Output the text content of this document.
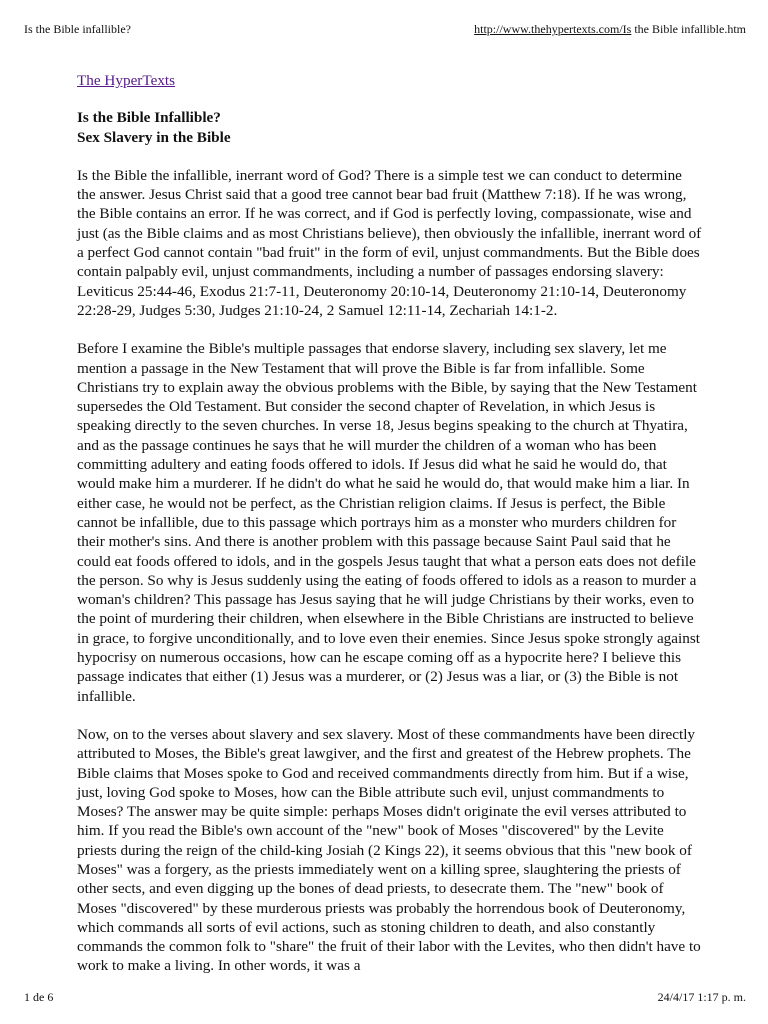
Is the Bible infallible?	http://www.thehypertexts.com/Is the Bible infallible.htm
The HyperTexts
Is the Bible Infallible?
Sex Slavery in the Bible

Is the Bible the infallible, inerrant word of God? There is a simple test we can conduct to determine the answer. Jesus Christ said that a good tree cannot bear bad fruit (Matthew 7:18). If he was wrong, the Bible contains an error. If he was correct, and if God is perfectly loving, compassionate, wise and just (as the Bible claims and as most Christians believe), then obviously the infallible, inerrant word of a perfect God cannot contain "bad fruit" in the form of evil, unjust commandments. But the Bible does contain palpably evil, unjust commandments, including a number of passages endorsing slavery: Leviticus 25:44-46, Exodus 21:7-11, Deuteronomy 20:10-14, Deuteronomy 21:10-14, Deuteronomy 22:28-29, Judges 5:30, Judges 21:10-24, 2 Samuel 12:11-14, Zechariah 14:1-2.

Before I examine the Bible's multiple passages that endorse slavery, including sex slavery, let me mention a passage in the New Testament that will prove the Bible is far from infallible. Some Christians try to explain away the obvious problems with the Bible, by saying that the New Testament supersedes the Old Testament. But consider the second chapter of Revelation, in which Jesus is speaking directly to the seven churches. In verse 18, Jesus begins speaking to the church at Thyatira, and as the passage continues he says that he will murder the children of a woman who has been committing adultery and eating foods offered to idols. If Jesus did what he said he would do, that would make him a murderer. If he didn't do what he said he would do, that would make him a liar. In either case, he would not be perfect, as the Christian religion claims. If Jesus is perfect, the Bible cannot be infallible, due to this passage which portrays him as a monster who murders children for their mother's sins. And there is another problem with this passage because Saint Paul said that he could eat foods offered to idols, and in the gospels Jesus taught that what a person eats does not defile the person. So why is Jesus suddenly using the eating of foods offered to idols as a reason to murder a woman's children? This passage has Jesus saying that he will judge Christians by their works, even to the point of murdering their children, when elsewhere in the Bible Christians are instructed to believe in grace, to forgive unconditionally, and to love even their enemies. Since Jesus spoke strongly against hypocrisy on numerous occasions, how can he escape coming off as a hypocrite here? I believe this passage indicates that either (1) Jesus was a murderer, or (2) Jesus was a liar, or (3) the Bible is not infallible.

Now, on to the verses about slavery and sex slavery. Most of these commandments have been directly attributed to Moses, the Bible's great lawgiver, and the first and greatest of the Hebrew prophets. The Bible claims that Moses spoke to God and received commandments directly from him. But if a wise, just, loving God spoke to Moses, how can the Bible attribute such evil, unjust commandments to Moses? The answer may be quite simple: perhaps Moses didn't originate the evil verses attributed to him. If you read the Bible's own account of the "new" book of Moses "discovered" by the Levite priests during the reign of the child-king Josiah (2 Kings 22), it seems obvious that this "new book of Moses" was a forgery, as the priests immediately went on a killing spree, slaughtering the priests of other sects, and even digging up the bones of dead priests, to desecrate them. The "new" book of Moses "discovered" by these murderous priests was probably the horrendous book of Deuteronomy, which commands all sorts of evil actions, such as stoning children to death, and also constantly commands the common folk to "share" the fruit of their labor with the Levites, who then didn't have to work to make a living. In other words, it was a

1 de 6	24/4/17 1:17 p. m.
